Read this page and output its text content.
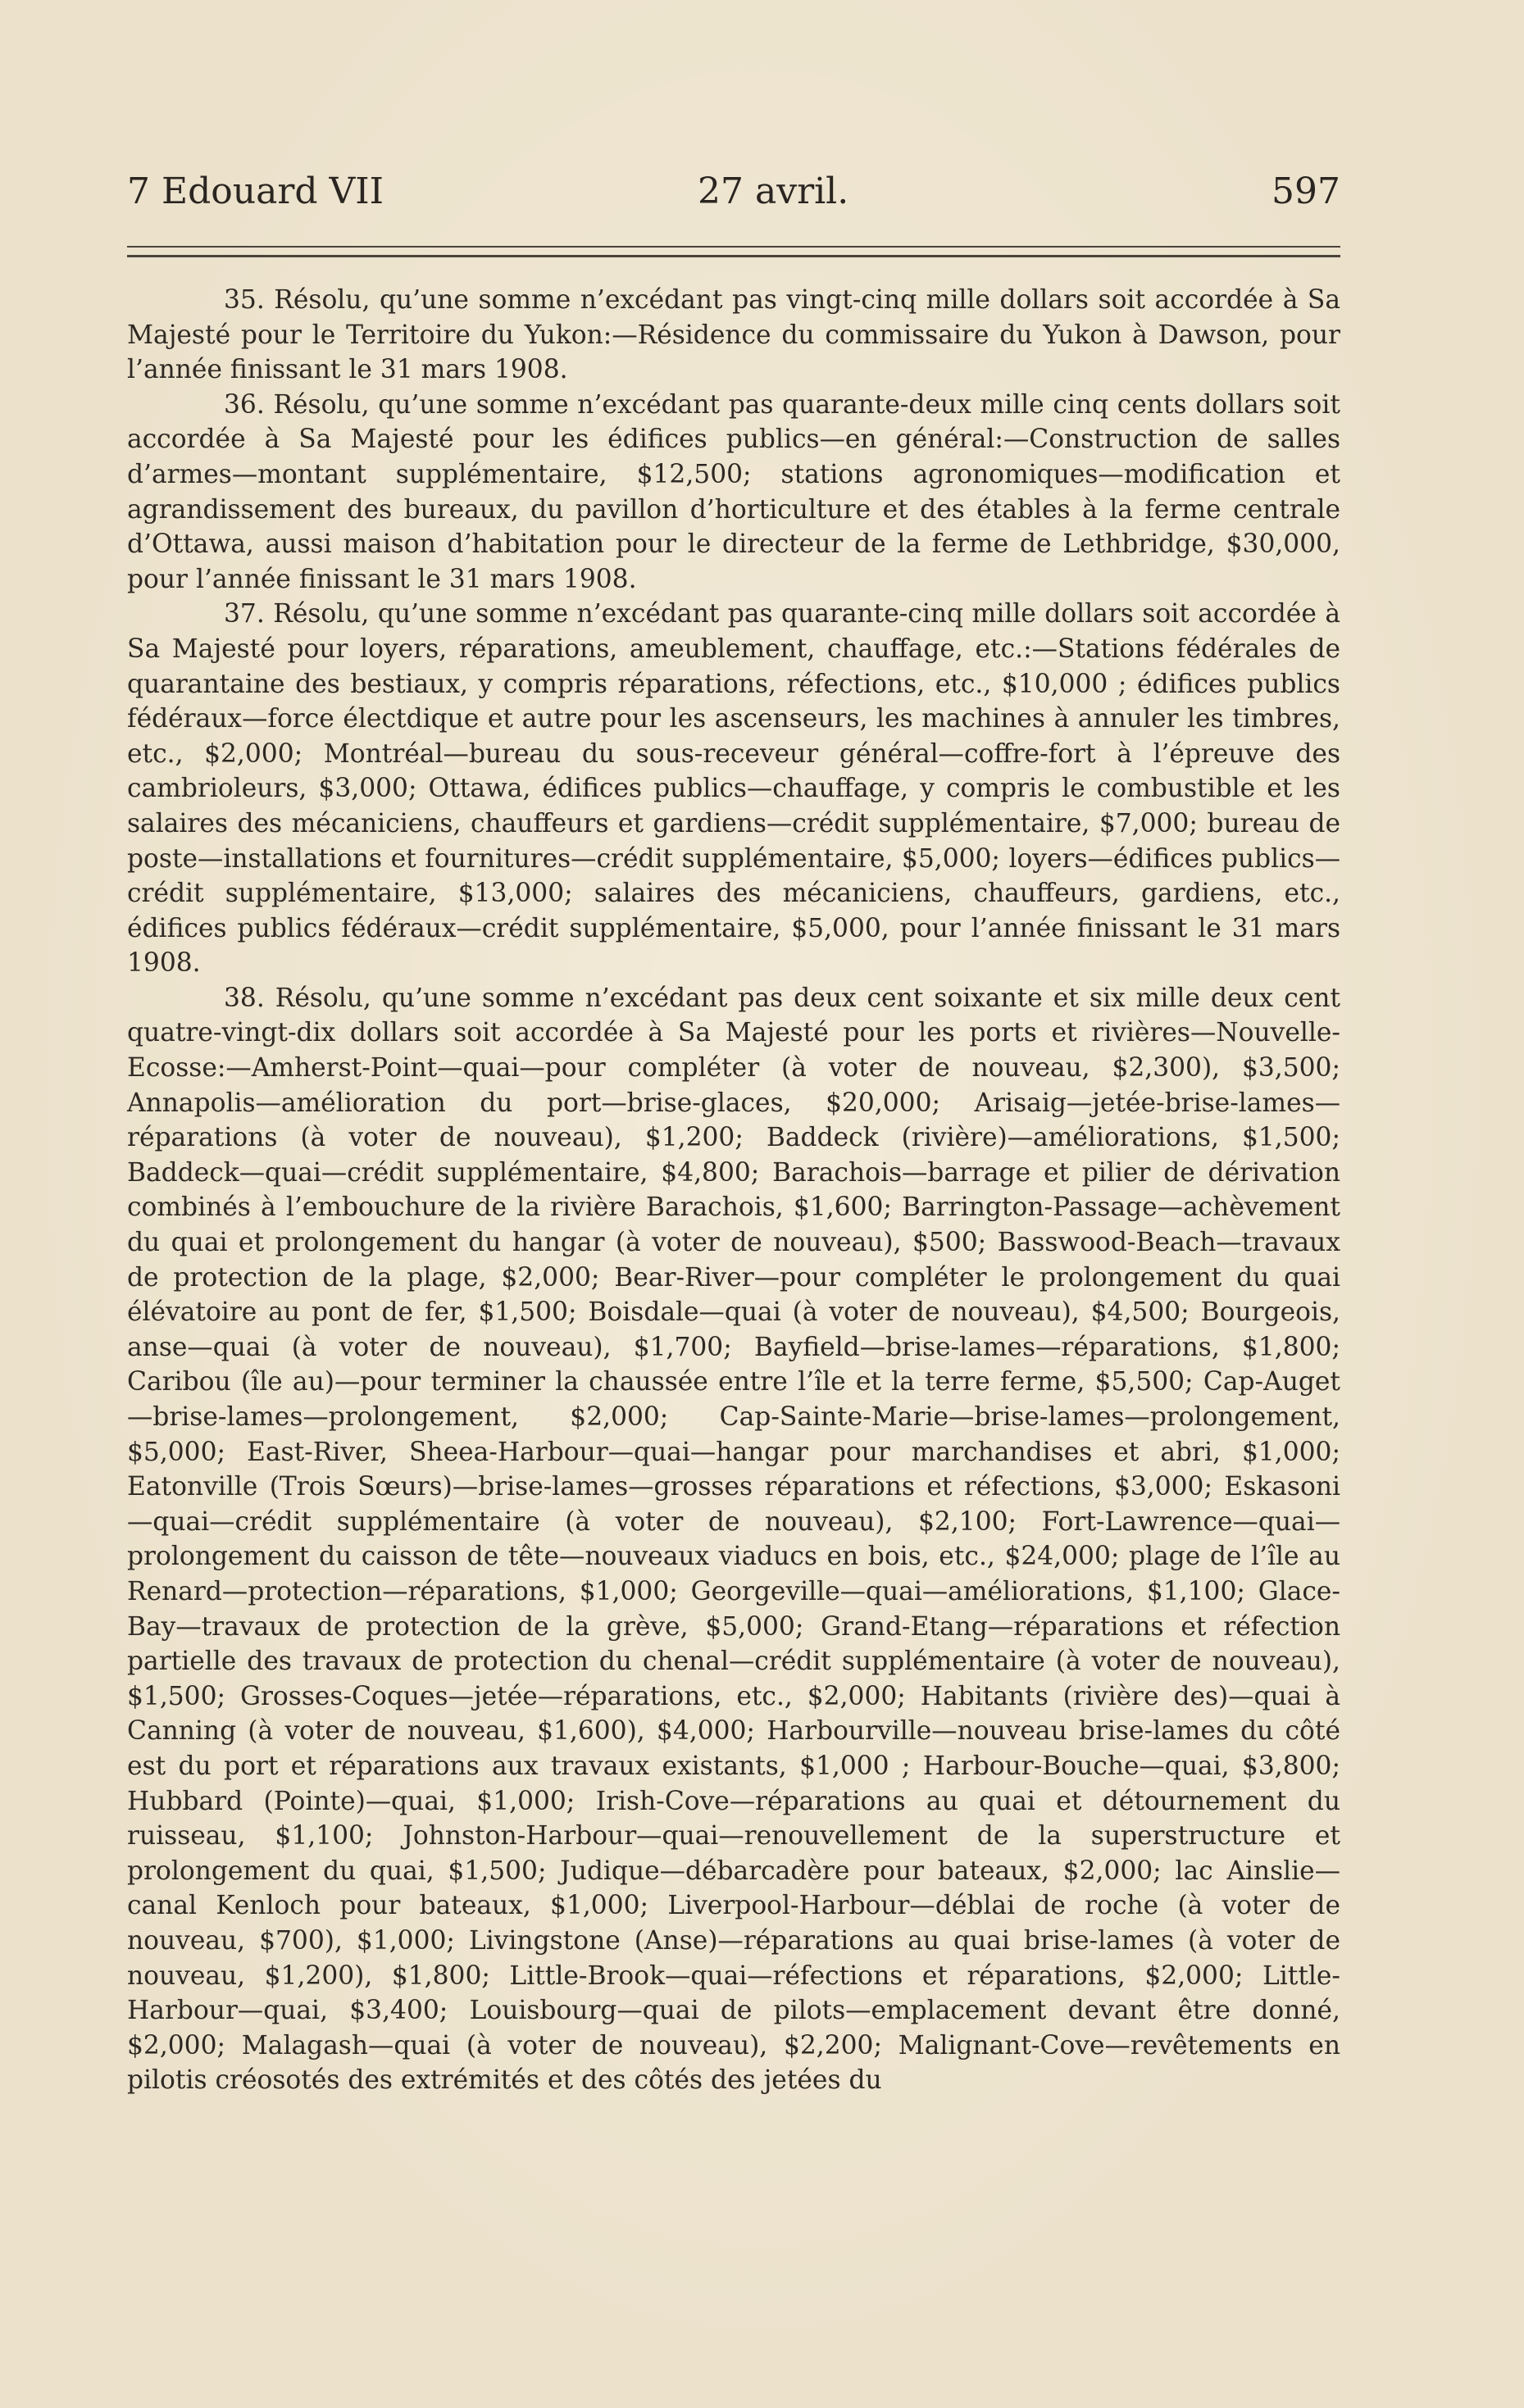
7 Edouard VII	27 avril.	597

35. Résolu, qu’une somme n’excédant pas vingt-cinq mille dollars soit accordée à Sa Majesté pour le Territoire du Yukon:—Résidence du commissaire du Yukon à Dawson, pour l’année finissant le 31 mars 1908.

36. Résolu, qu’une somme n’excédant pas quarante-deux mille cinq cents dollars soit accordée à Sa Majesté pour les édifices publics—en général:—Construction de salles d’armes—montant supplémentaire, $12,500; stations agronomiques—modification et agrandissement des bureaux, du pavillon d’horticulture et des étables à la ferme centrale d’Ottawa, aussi maison d’habitation pour le directeur de la ferme de Lethbridge, $30,000, pour l’année finissant le 31 mars 1908.

37. Résolu, qu’une somme n’excédant pas quarante-cinq mille dollars soit accordée à Sa Majesté pour loyers, réparations, ameublement, chauffage, etc.:—Stations fédérales de quarantaine des bestiaux, y compris réparations, réfections, etc., $10,000 ; édifices publics fédéraux—force électdique et autre pour les ascenseurs, les machines à annuler les timbres, etc., $2,000; Montréal—bureau du sous-receveur général—coffre-fort à l’épreuve des cambrioleurs, $3,000; Ottawa, édifices publics—chauffage, y compris le combustible et les salaires des mécaniciens, chauffeurs et gardiens—crédit supplémentaire, $7,000; bureau de poste—installations et fournitures—crédit supplémentaire, $5,000; loyers—édifices publics—crédit supplémentaire, $13,000; salaires des mécaniciens, chauffeurs, gardiens, etc., édifices publics fédéraux—crédit supplémentaire, $5,000, pour l’année finissant le 31 mars 1908.

38. Résolu, qu’une somme n’excédant pas deux cent soixante et six mille deux cent quatre-vingt-dix dollars soit accordée à Sa Majesté pour les ports et rivières—Nouvelle-Ecosse:—Amherst-Point—quai—pour compléter (à voter de nouveau, $2,300), $3,500; Annapolis—amélioration du port—brise-glaces, $20,000; Arisaig—jetée-brise-lames—réparations (à voter de nouveau), $1,200; Baddeck (rivière)—améliorations, $1,500; Baddeck—quai—crédit supplémentaire, $4,800; Barachois—barrage et pilier de dérivation combinés à l’embouchure de la rivière Barachois, $1,600; Barrington-Passage—achèvement du quai et prolongement du hangar (à voter de nouveau), $500; Basswood-Beach—travaux de protection de la plage, $2,000; Bear-River—pour compléter le prolongement du quai élévatoire au pont de fer, $1,500; Boisdale—quai (à voter de nouveau), $4,500; Bourgeois, anse—quai (à voter de nouveau), $1,700; Bayfield—brise-lames—réparations, $1,800; Caribou (île au)—pour terminer la chaussée entre l’île et la terre ferme, $5,500; Cap-Auget—brise-lames—prolongement, $2,000; Cap-Sainte-Marie—brise-lames—prolongement, $5,000; East-River, Sheea-Harbour—quai—hangar pour marchandises et abri, $1,000; Eatonville (Trois Sœurs)—brise-lames—grosses réparations et réfections, $3,000; Eskasoni—quai—crédit supplémentaire (à voter de nouveau), $2,100; Fort-Lawrence—quai—prolongement du caisson de tête—nouveaux viaducs en bois, etc., $24,000; plage de l’île au Renard—protection—réparations, $1,000; Georgeville—quai—améliorations, $1,100; Glace-Bay—travaux de protection de la grève, $5,000; Grand-Etang—réparations et réfection partielle des travaux de protection du chenal—crédit supplémentaire (à voter de nouveau), $1,500; Grosses-Coques—jetée—réparations, etc., $2,000; Habitants (rivière des)—quai à Canning (à voter de nouveau, $1,600), $4,000; Harbourville—nouveau brise-lames du côté est du port et réparations aux travaux existants, $1,000 ; Harbour-Bouche—quai, $3,800; Hubbard (Pointe)—quai, $1,000; Irish-Cove—réparations au quai et détournement du ruisseau, $1,100; Johnston-Harbour—quai—renouvellement de la superstructure et prolongement du quai, $1,500; Judique—débarcadère pour bateaux, $2,000; lac Ainslie—canal Kenloch pour bateaux, $1,000; Liverpool-Harbour—déblai de roche (à voter de nouveau, $700), $1,000; Livingstone (Anse)—réparations au quai brise-lames (à voter de nouveau, $1,200), $1,800; Little-Brook—quai—réfections et réparations, $2,000; Little-Harbour—quai, $3,400; Louisbourg—quai de pilots—emplacement devant être donné, $2,000; Malagash—quai (à voter de nouveau), $2,200; Malignant-Cove—revêtements en pilotis créosotés des extrémités et des côtés des jetées du
